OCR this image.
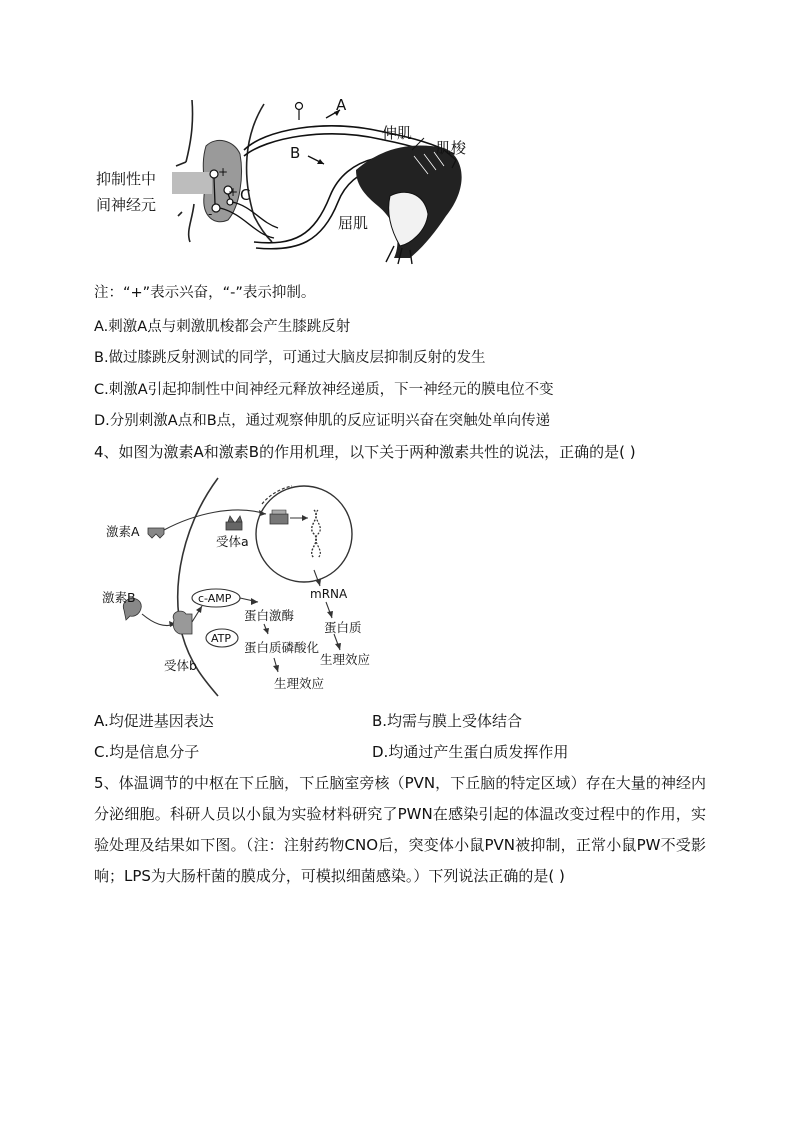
A
B
C
伸肌
肌梭
屈肌
抑制性中
间神经元
+
+
-
注：“+”表示兴奋，“-”表示抑制。
A.刺激A点与刺激肌梭都会产生膝跳反射
B.做过膝跳反射测试的同学，可通过大脑皮层抑制反射的发生
C.刺激A引起抑制性中间神经元释放神经递质，下一神经元的膜电位不变
D.分别刺激A点和B点，通过观察伸肌的反应证明兴奋在突触处单向传递
4、如图为激素A和激素B的作用机理，以下关于两种激素共性的说法，正确的是( )
激素A
受体a
激素B
受体b
c-AMP
ATP
蛋白激酶
蛋白质磷酸化
mRNA
蛋白质
生理效应
生理效应
A.均促进基因表达	B.均需与膜上受体结合
C.均是信息分子	D.均通过产生蛋白质发挥作用
5、体温调节的中枢在下丘脑，下丘脑室旁核（PVN，下丘脑的特定区域）存在大量的神经内分泌细胞。科研人员以小鼠为实验材料研究了PWN在感染引起的体温改变过程中的作用，实验处理及结果如下图。（注：注射药物CNO后，突变体小鼠PVN被抑制，正常小鼠PW不受影响；LPS为大肠杆菌的膜成分，可模拟细菌感染。）下列说法正确的是( )
